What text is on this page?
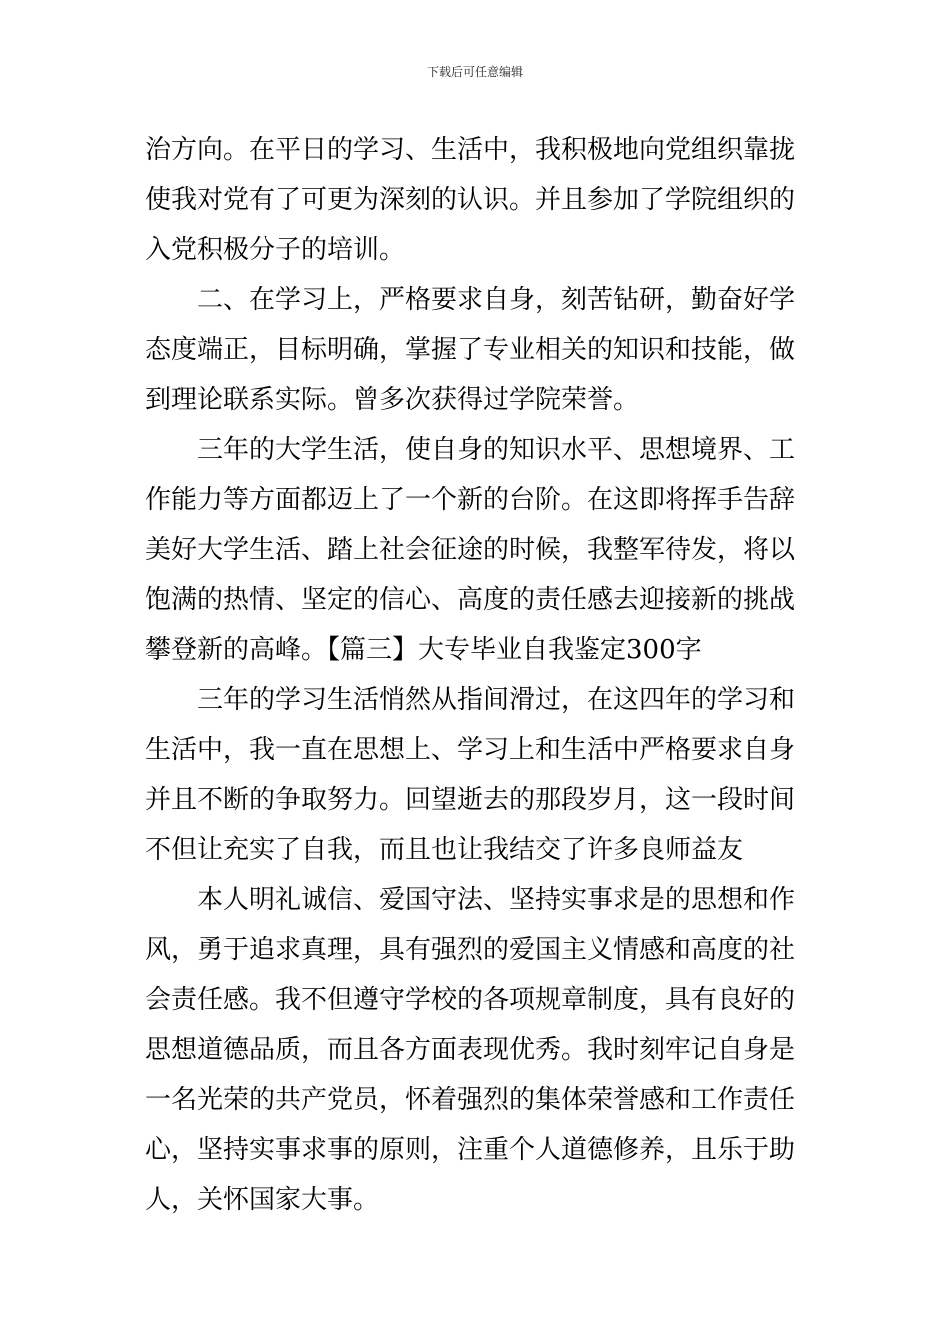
下载后可任意编辑
治方向。在平日的学习、生活中，我积极地向党组织靠拢
使我对党有了可更为深刻的认识。并且参加了学院组织的
入党积极分子的培训。
二、在学习上，严格要求自身，刻苦钻研，勤奋好学
态度端正，目标明确，掌握了专业相关的知识和技能，做
到理论联系实际。曾多次获得过学院荣誉。
三年的大学生活，使自身的知识水平、思想境界、工
作能力等方面都迈上了一个新的台阶。在这即将挥手告辞
美好大学生活、踏上社会征途的时候，我整军待发，将以
饱满的热情、坚定的信心、高度的责任感去迎接新的挑战
攀登新的高峰。【篇三】大专毕业自我鉴定300字
三年的学习生活悄然从指间滑过，在这四年的学习和
生活中，我一直在思想上、学习上和生活中严格要求自身
并且不断的争取努力。回望逝去的那段岁月，这一段时间
不但让充实了自我，而且也让我结交了许多良师益友
本人明礼诚信、爱国守法、坚持实事求是的思想和作
风，勇于追求真理，具有强烈的爱国主义情感和高度的社
会责任感。我不但遵守学校的各项规章制度，具有良好的
思想道德品质，而且各方面表现优秀。我时刻牢记自身是
一名光荣的共产党员，怀着强烈的集体荣誉感和工作责任
心，坚持实事求事的原则，注重个人道德修养，且乐于助
人，关怀国家大事。
